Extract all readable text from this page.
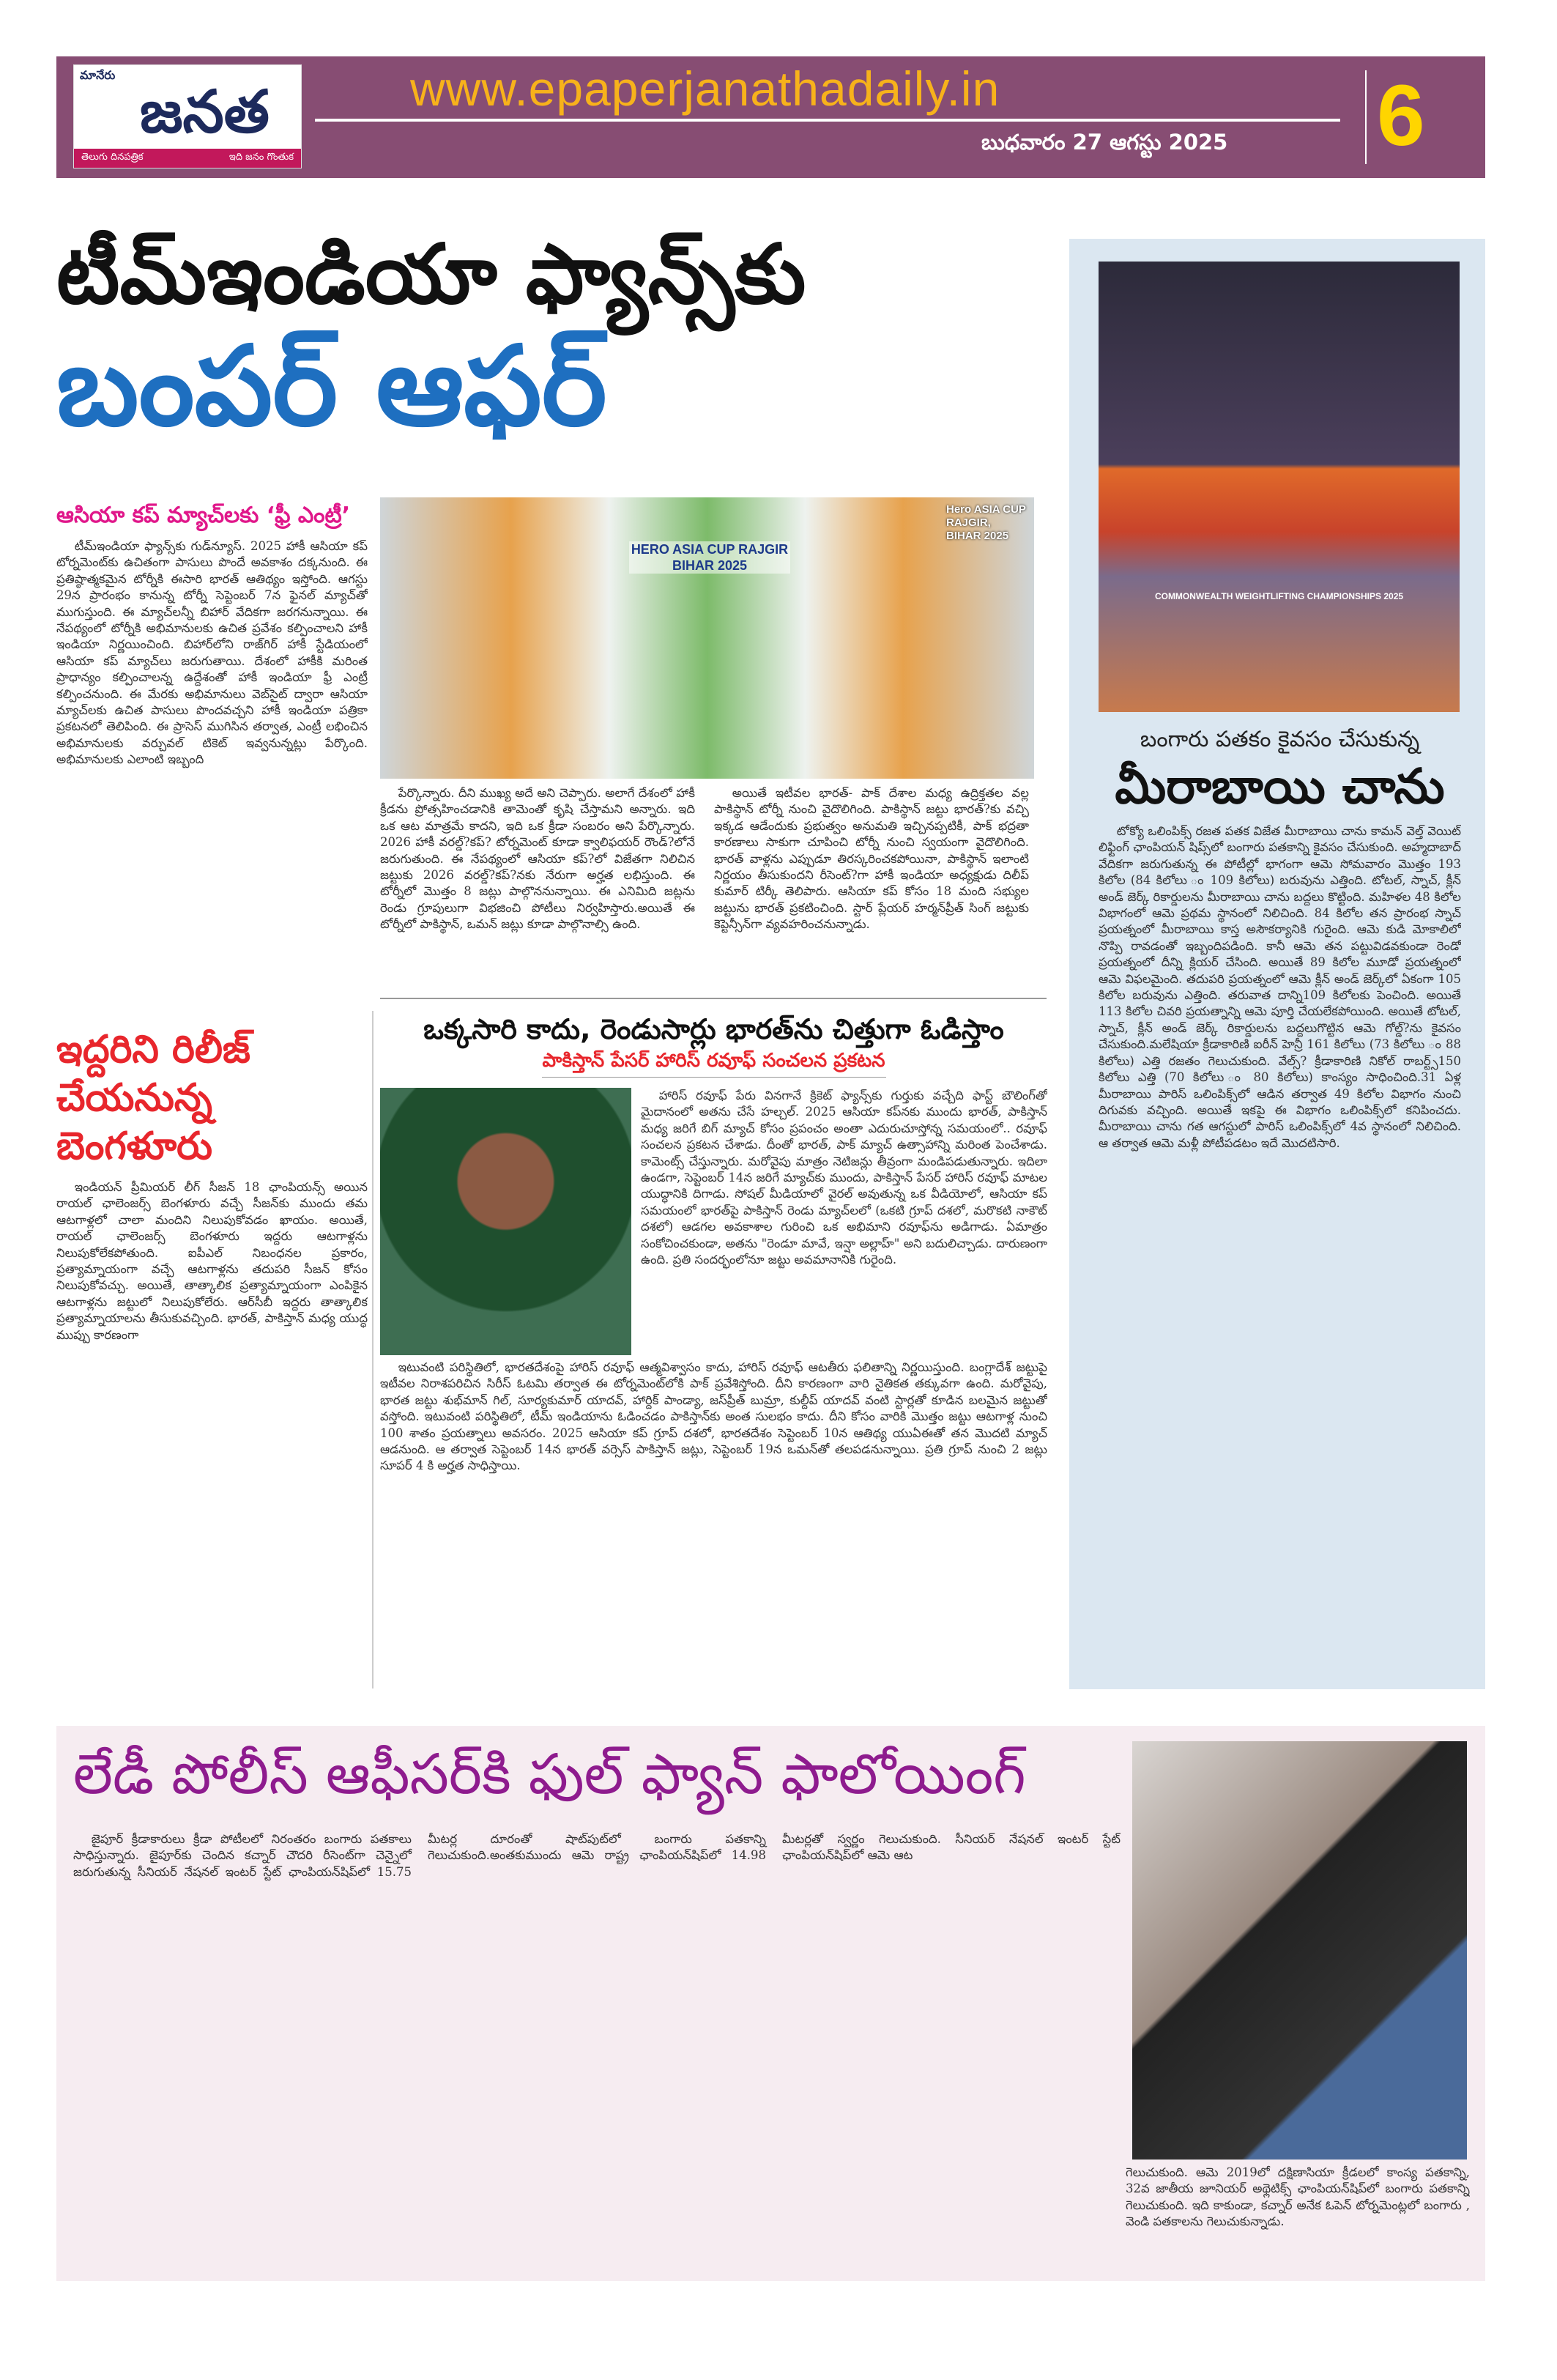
మానేరు
జనత
తెలుగు దినపత్రిక	ఇది జనం గొంతుక
www.epaperjanathadaily.in
బుధవారం 27 ఆగస్టు 2025 6
టీమ్ఇండియా ఫ్యాన్స్‌కు
బంపర్ ఆఫర్
ఆసియా కప్ మ్యాచ్‌లకు ‘ఫ్రీ ఎంట్రీ’

టీమ్ఇండియా ఫ్యాన్స్‌కు గుడ్‌న్యూస్. 2025 హాకీ ఆసియా కప్ టోర్నమెంట్‌కు ఉచితంగా పాసులు పొందే అవకాశం దక్కనుంది. ఈ ప్రతిష్ఠాత్మకమైన టోర్నీకి ఈసారి భారత్ ఆతిథ్యం ఇస్తోంది. ఆగస్టు 29న ప్రారంభం కానున్న టోర్నీ సెప్టెంబర్ 7న ఫైనల్ మ్యాచ్‌తో ముగుస్తుంది. ఈ మ్యాచ్‌లన్నీ బిహార్ వేదికగా జరగనున్నాయి. ఈ నేపథ్యంలో టోర్నీకి అభిమానులకు ఉచిత ప్రవేశం కల్పించాలని హాకీ ఇండియా నిర్ణయించింది. బిహార్‌లోని రాజ్‌గిర్ హాకీ స్టేడియంలో ఆసియా కప్ మ్యాచ్‌లు జరుగుతాయి. దేశంలో హాకీకి మరింత ప్రాధాన్యం కల్పించాలన్న ఉద్దేశంతో హాకీ ఇండియా ఫ్రీ ఎంట్రీ కల్పించనుంది. ఈ మేరకు అభిమానులు వెబ్‌సైట్ ద్వారా ఆసియా మ్యాచ్‌లకు ఉచిత పాసులు పొందవచ్చని హాకీ ఇండియా పత్రికా ప్రకటనలో తెలిపింది. ఈ ప్రాసెస్ ముగిసిన తర్వాత, ఎంట్రీ లభించిన అభిమానులకు వర్చువల్ టికెట్ ఇవ్వనున్నట్లు పేర్కొంది. అభిమానులకు ఎలాంటి ఇబ్బంది

HERO ASIA CUP RAJGIR BIHAR 2025
Hero ASIA CUP RAJGIR, BIHAR 2025

పేర్కొన్నారు. దీని ముఖ్య అదే అని చెప్పారు. అలాగే దేశంలో హాకీ క్రీడను ప్రోత్సహించడానికి తామెంతో కృషి చేస్తామని అన్నారు. ఇది ఒక ఆట మాత్రమే కాదని, ఇది ఒక క్రీడా సంబరం అని పేర్కొన్నారు. 2026 హాకీ వరల్డ్?కప్? టోర్నమెంట్ కూడా క్వాలిఫయర్ రౌండ్?లోనే జరుగుతుంది. ఈ నేపథ్యంలో ఆసియా కప్?లో విజేతగా నిలిచిన జట్టుకు 2026 వరల్డ్?కప్?నకు నేరుగా అర్హత లభిస్తుంది. ఈ టోర్నీలో మొత్తం 8 జట్లు పాల్గొననున్నాయి. ఈ ఎనిమిది జట్లను రెండు గ్రూపులుగా విభజించి పోటీలు నిర్వహిస్తారు.అయితే ఈ టోర్నీలో పాకిస్థాన్, ఒమన్ జట్లు కూడా పాల్గొనాల్సి ఉంది.

అయితే ఇటీవల భారత్- పాక్ దేశాల మధ్య ఉద్రిక్తతల వల్ల పాకిస్థాన్ టోర్నీ నుంచి వైదొలిగింది. పాకిస్థాన్ జట్టు భారత్?కు వచ్చి ఇక్కడ ఆడేందుకు ప్రభుత్వం అనుమతి ఇచ్చినప్పటికీ, పాక్ భద్రతా కారణాలు సాకుగా చూపించి టోర్నీ నుంచి స్వయంగా వైదొలిగింది. భారత్ వాళ్లను ఎప్పుడూ తిరస్కరించకపోయినా, పాకిస్థాన్ ఇలాంటి నిర్ణయం తీసుకుందని రీసెంట్?గా హాకీ ఇండియా అధ్యక్షుడు దిలీప్ కుమార్ టిర్కీ తెలిపారు. ఆసియా కప్ కోసం 18 మంది సభ్యుల జట్టును భారత్ ప్రకటించింది. స్టార్ ప్లేయర్ హర్మన్‌ప్రీత్ సింగ్ జట్టుకు కెప్టెన్సీన్‌గా వ్యవహరించనున్నాడు.

COMMONWEALTH WEIGHTLIFTING CHAMPIONSHIPS 2025
బంగారు పతకం కైవసం చేసుకున్న
మీరాబాయి చాను

టోక్యో ఒలింపిక్స్ రజత పతక విజేత మీరాబాయి చాను కామన్ వెల్త్ వెయిట్ లిఫ్టింగ్ ఛాంపియన్ షిప్స్‌లో బంగారు పతకాన్ని కైవసం చేసుకుంది. అహ్మదాబాద్ వేదికగా జరుగుతున్న ఈ పోటీల్లో భాగంగా ఆమె సోమవారం మొత్తం 193 కిలోల (84 కిలోలు ం 109 కిలోలు) బరువును ఎత్తింది. టోటల్, స్నాచ్, క్లీన్ అండ్ జెర్క్ రికార్డులను మీరాబాయి చాను బద్దలు కొట్టింది. మహిళల 48 కిలోల విభాగంలో ఆమె ప్రథమ స్థానంలో నిలిచింది. 84 కిలోల తన ప్రారంభ స్నాచ్ ప్రయత్నంలో మీరాబాయి కాస్త అసౌకర్యానికి గురైంది. ఆమె కుడి మోకాలిలో నొప్పి రావడంతో ఇబ్బందిపడింది. కానీ ఆమె తన పట్టువిడవకుండా రెండో ప్రయత్నంలో దీన్ని క్లియర్ చేసింది. అయితే 89 కిలోల మూడో ప్రయత్నంలో ఆమె విఫలమైంది. తదుపరి ప్రయత్నంలో ఆమె క్లీన్ అండ్ జెర్క్‌లో ఏకంగా 105 కిలోల బరువును ఎత్తింది. తరువాత దాన్ని109 కిలోలకు పెంచింది. అయితే 113 కిలోల చివరి ప్రయత్నాన్ని ఆమె పూర్తి చేయలేకపోయింది. అయితే టోటల్, స్నాచ్, క్లీన్ అండ్ జెర్క్ రికార్డులను బద్దలుగొట్టిన ఆమె గోల్డ్?ను కైవసం చేసుకుంది.మలేషియా క్రీడాకారిణి ఐరీన్ హెన్రీ 161 కిలోలు (73 కిలోలు ం 88 కిలోలు) ఎత్తి రజతం గెలుచుకుంది. వేల్స్? క్రీడాకారిణి నికోల్ రాబర్ట్స్150 కిలోలు ఎత్తి (70 కిలోలు ం 80 కిలోలు) కాంస్యం సాధించింది.31 ఏళ్ల మీరాబాయి పారిస్ ఒలింపిక్స్‌లో ఆడిన తర్వాత 49 కిలోల విభాగం నుంచి దిగువకు వచ్చింది. అయితే ఇకపై ఈ విభాగం ఒలింపిక్స్‌లో కనిపించదు. మీరాబాయి చాను గత ఆగస్టులో పారిస్ ఒలింపిక్స్‌లో 4వ స్థానంలో నిలిచింది. ఆ తర్వాత ఆమె మళ్లీ పోటీపడటం ఇదే మొదటిసారి.

ఇద్దరిని రిలీజ్ చేయనున్న బెంగళూరు

ఇండియన్ ప్రీమియర్ లీగ్ సీజన్ 18 ఛాంపియన్స్ అయిన రాయల్ ఛాలెంజర్స్ బెంగళూరు వచ్చే సీజన్‌కు ముందు తమ ఆటగాళ్లలో చాలా మందిని నిలుపుకోవడం ఖాయం. అయితే, రాయల్ ఛాలెంజర్స్ బెంగళూరు ఇద్దరు ఆటగాళ్లను నిలుపుకోలేకపోతుంది. ఐపీఎల్ నిబంధనల ప్రకారం, ప్రత్యామ్నాయంగా వచ్చే ఆటగాళ్లను తదుపరి సీజన్ కోసం నిలుపుకోవచ్చు. అయితే, తాత్కాలిక ప్రత్యామ్నాయంగా ఎంపికైన ఆటగాళ్లను జట్టులో నిలుపుకోలేరు. ఆర్‌సీబీ ఇద్దరు తాత్కాలిక ప్రత్యామ్నాయాలను తీసుకువచ్చింది. భారత్, పాకిస్తాన్ మధ్య యుద్ధ ముప్పు కారణంగా

ఒక్కసారి కాదు, రెండుసార్లు భారత్‌ను చిత్తుగా ఓడిస్తాం
పాకిస్తాన్ పేసర్ హారిస్ రవూఫ్ సంచలన ప్రకటన

హారిస్ రవూఫ్ పేరు వినగానే క్రికెట్ ఫ్యాన్స్‌కు గుర్తుకు వచ్చేది ఫాస్ట్ బౌలింగ్‌తో మైదానంలో అతను చేసే హల్చల్. 2025 ఆసియా కప్‌నకు ముందు భారత్, పాకిస్తాన్ మధ్య జరిగే బిగ్ మ్యాచ్ కోసం ప్రపంచం అంతా ఎదురుచూస్తోన్న సమయంలో.. రవూఫ్ సంచలన ప్రకటన చేశాడు. దీంతో భారత్, పాక్ మ్యాచ్ ఉత్సాహాన్ని మరింత పెంచేశాడు. కామెంట్స్ చేస్తున్నారు. మరోవైపు మాత్రం నెటిజన్లు తీవ్రంగా మండిపడుతున్నారు. ఇదిలా ఉండగా, సెప్టెంబర్ 14న జరిగే మ్యాచ్‌కు ముందు, పాకిస్తాన్ పేసర్ హారిస్ రవూఫ్ మాటల యుద్ధానికి దిగాడు. సోషల్ మీడియాలో వైరల్ అవుతున్న ఒక వీడియోలో, ఆసియా కప్ సమయంలో భారత్‌పై పాకిస్తాన్ రెండు మ్యాచ్‌లలో (ఒకటి గ్రూప్ దశలో, మరొకటి నాకౌట్ దశలో) ఆడగల అవకాశాల గురించి ఒక అభిమాని రవూఫ్‌ను అడిగాడు. ఏమాత్రం సంకోచించకుండా, అతను "రెండూ మావే, ఇన్షా అల్లాహ్" అని బదులిచ్చాడు. దారుణంగా ఉంది. ప్రతి సందర్భంలోనూ జట్టు అవమానానికి గురైంది.

ఇటువంటి పరిస్థితిలో, భారతదేశంపై హారిస్ రవూఫ్ ఆత్మవిశ్వాసం కాదు, హారిస్ రవూఫ్ ఆటతీరు ఫలితాన్ని నిర్ణయిస్తుంది. బంగ్లాదేశ్ జట్టుపై ఇటీవల నిరాశపరిచిన సిరీస్ ఓటమి తర్వాత ఈ టోర్నమెంట్‌లోకి పాక్ ప్రవేశిస్తోంది. దీని కారణంగా వారి నైతికత తక్కువగా ఉంది. మరోవైపు, భారత జట్టు శుభ్‌మాన్ గిల్, సూర్యకుమార్ యాదవ్, హార్దిక్ పాండ్యా, జస్‌ప్రీత్ బుమ్రా, కుల్దీప్ యాదవ్ వంటి స్టార్లతో కూడిన బలమైన జట్టుతో వస్తోంది. ఇటువంటి పరిస్థితిలో, టీమ్ ఇండియాను ఓడించడం పాకిస్తాన్‌కు అంత సులభం కాదు. దీని కోసం వారికి మొత్తం జట్టు ఆటగాళ్ల నుంచి 100 శాతం ప్రయత్నాలు అవసరం. 2025 ఆసియా కప్ గ్రూప్ దశలో, భారతదేశం సెప్టెంబర్ 10న ఆతిథ్య యుఏఈతో తన మొదటి మ్యాచ్ ఆడనుంది. ఆ తర్వాత సెప్టెంబర్ 14న భారత్ వర్సెస్ పాకిస్తాన్ జట్లు, సెప్టెంబర్ 19న ఒమన్‌తో తలపడనున్నాయి. ప్రతి గ్రూప్ నుంచి 2 జట్లు సూపర్ 4 కి అర్హత సాధిస్తాయి.

లేడీ పోలీస్ ఆఫీసర్‌కి ఫుల్ ఫ్యాన్ ఫాలోయింగ్

జైపూర్ క్రీడాకారులు క్రీడా పోటీలలో నిరంతరం బంగారు పతకాలు సాధిస్తున్నారు. జైపూర్‌కు చెందిన కచ్నార్ చౌదరి రీసెంట్‌గా చెన్నైలో జరుగుతున్న సీనియర్ నేషనల్ ఇంటర్ స్టేట్ ఛాంపియన్‌షిప్‌లో 15.75 మీటర్ల దూరంతో షాట్‌పుట్‌లో బంగారు పతకాన్ని గెలుచుకుంది.అంతకుముందు ఆమె రాష్ట్ర ఛాంపియన్‌షిప్‌లో 14.98 మీటర్లతో స్వర్ణం గెలుచుకుంది. సీనియర్ నేషనల్ ఇంటర్ స్టేట్ ఛాంపియన్‌షిప్‌లో ఆమె ఆట

గెలుచుకుంది. ఆమె 2019లో దక్షిణాసియా క్రీడలలో కాంస్య పతకాన్ని, 32వ జాతీయ జూనియర్ అథ్లెటిక్స్ ఛాంపియన్‌షిప్‌లో బంగారు పతకాన్ని గెలుచుకుంది. ఇది కాకుండా, కచ్నార్ అనేక ఓపెన్ టోర్నమెంట్లలో బంగారు , వెండి పతకాలను గెలుచుకున్నాడు.
